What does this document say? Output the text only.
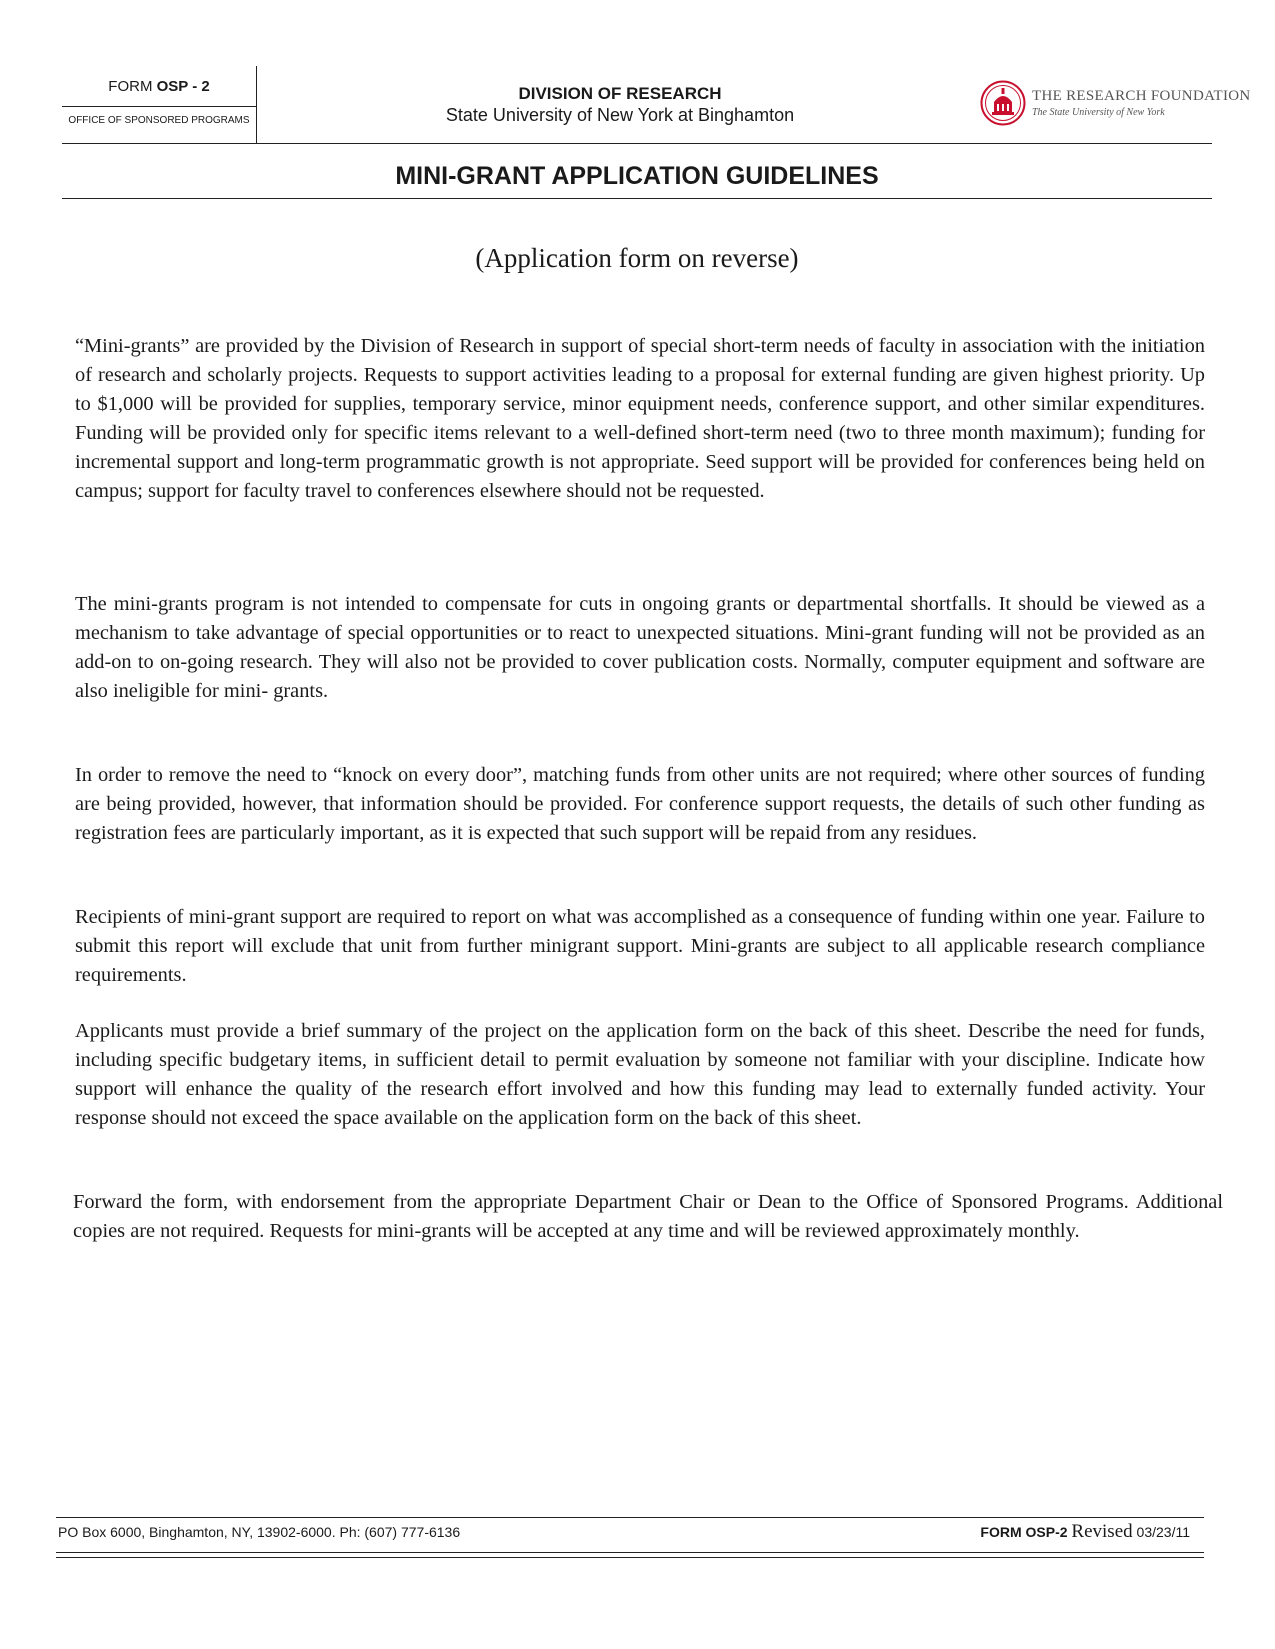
FORM OSP - 2
OFFICE OF SPONSORED PROGRAMS
DIVISION OF RESEARCH
State University of New York at Binghamton
THE RESEARCH FOUNDATION
The State University of New York
MINI-GRANT APPLICATION GUIDELINES
(Application form on reverse)

“Mini-grants” are provided by the Division of Research in support of special short-term needs of faculty in association with the initiation of research and scholarly projects. Requests to support activities leading to a proposal for external funding are given highest priority. Up to $1,000 will be provided for supplies, temporary service, minor equipment needs, conference support, and other similar expenditures. Funding will be provided only for specific items relevant to a well-defined short-term need (two to three month maximum); funding for incremental support and long-term programmatic growth is not appropriate. Seed support will be provided for conferences being held on campus; support for faculty travel to conferences elsewhere should not be requested.

The mini-grants program is not intended to compensate for cuts in ongoing grants or departmental shortfalls. It should be viewed as a mechanism to take advantage of special opportunities or to react to unexpected situations. Mini-grant funding will not be provided as an add-on to on-going research. They will also not be provided to cover publication costs. Normally, computer equipment and software are also ineligible for mini- grants.

In order to remove the need to “knock on every door”, matching funds from other units are not required; where other sources of funding are being provided, however, that information should be provided. For conference support requests, the details of such other funding as registration fees are particularly important, as it is expected that such support will be repaid from any residues.

Recipients of mini-grant support are required to report on what was accomplished as a consequence of funding within one year. Failure to submit this report will exclude that unit from further minigrant support. Mini-grants are subject to all applicable research compliance requirements.

Applicants must provide a brief summary of the project on the application form on the back of this sheet. Describe the need for funds, including specific budgetary items, in sufficient detail to permit evaluation by someone not familiar with your discipline. Indicate how support will enhance the quality of the research effort involved and how this funding may lead to externally funded activity. Your response should not exceed the space available on the application form on the back of this sheet.

Forward the form, with endorsement from the appropriate Department Chair or Dean to the Office of Sponsored Programs. Additional copies are not required. Requests for mini-grants will be accepted at any time and will be reviewed approximately monthly.

PO Box 6000, Binghamton, NY, 13902-6000. Ph: (607) 777-6136	FORM OSP-2 Revised 03/23/11
